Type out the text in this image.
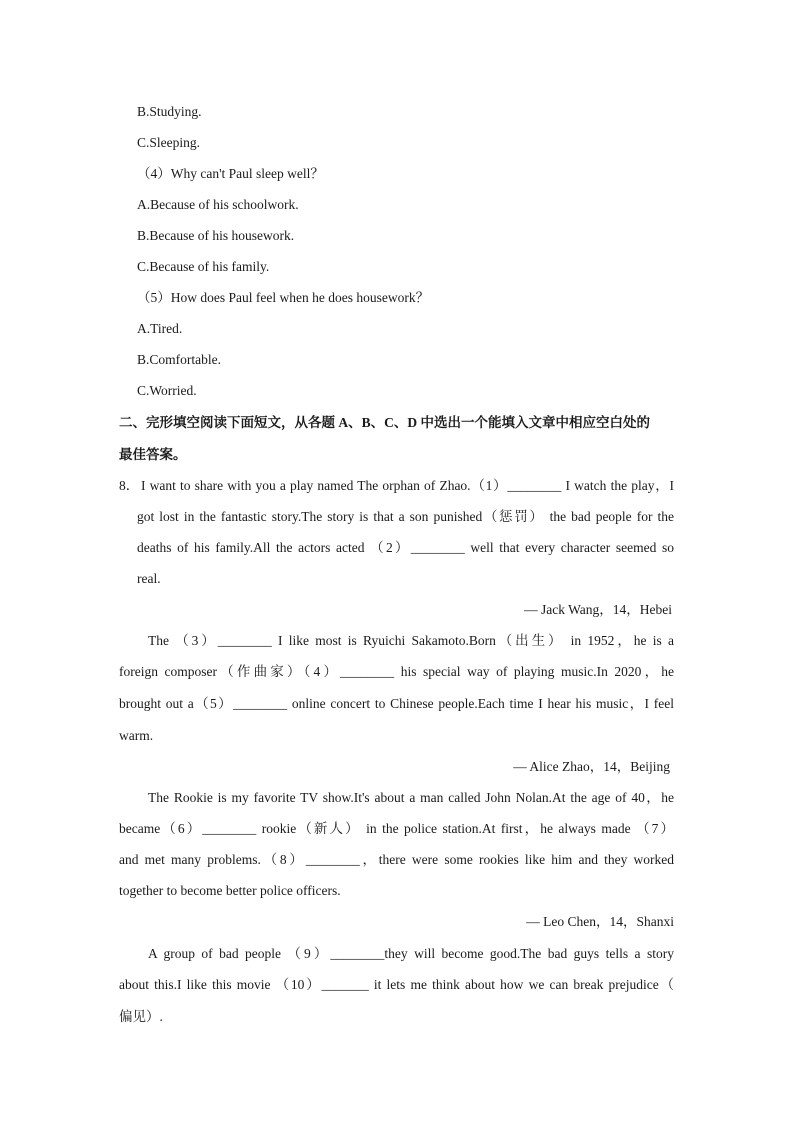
B.Studying.
C.Sleeping.
（4）Why can't Paul sleep well？
A.Because of his schoolwork.
B.Because of his housework.
C.Because of his family.
（5）How does Paul feel when he does housework？
A.Tired.
B.Comfortable.
C.Worried.
二、完形填空阅读下面短文，从各题 A、B、C、D 中选出一个能填入文章中相应空白处的
最佳答案。
8． I want to share with you a play named The orphan of Zhao.（1）________ I watch the play，I
got lost in the fantastic story.The story is that a son punished（惩罚） the bad people for the
deaths of his family.All the actors acted （2）________ well that every character seemed so
real.
— Jack Wang，14，Hebei
The （3）________ I like most is Ryuichi Sakamoto.Born（出生） in 1952，he is a
foreign composer（作曲家）（4）________ his special way of playing music.In 2020，he
brought out a（5）________ online concert to Chinese people.Each time I hear his music，I feel
warm.
— Alice Zhao，14，Beijing
The Rookie is my favorite TV show.It's about a man called John Nolan.At the age of 40，he
became（6）________ rookie（新人） in the police station.At first，he always made （7）
and met many problems.（8）________，there were some rookies like him and they worked
together to become better police officers.
— Leo Chen，14，Shanxi
A group of bad people （9）________they will become good.The bad guys tells a story
about this.I like this movie （10）_______ it lets me think about how we can break prejudice（
偏见）.
